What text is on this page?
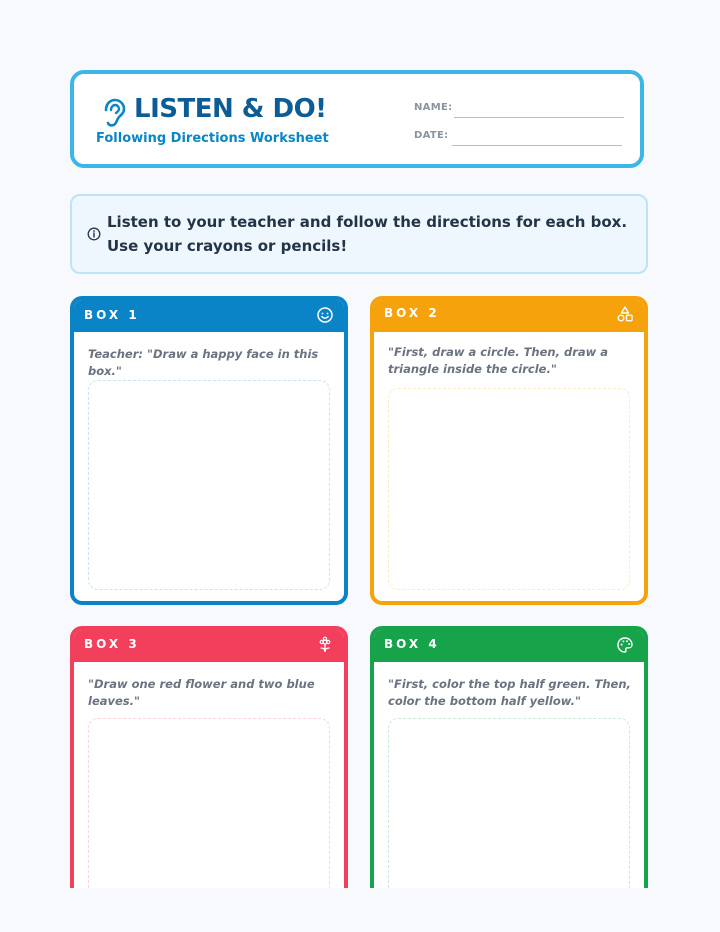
LISTEN & DO!
Following Directions Worksheet
NAME:
DATE:
Listen to your teacher and follow the directions for each box. Use your crayons or pencils!
BOX 1
Teacher: "Draw a happy face in this box."
BOX 2
"First, draw a circle. Then, draw a triangle inside the circle."
BOX 3
"Draw one red flower and two blue leaves."
BOX 4
"First, color the top half green. Then, color the bottom half yellow."
